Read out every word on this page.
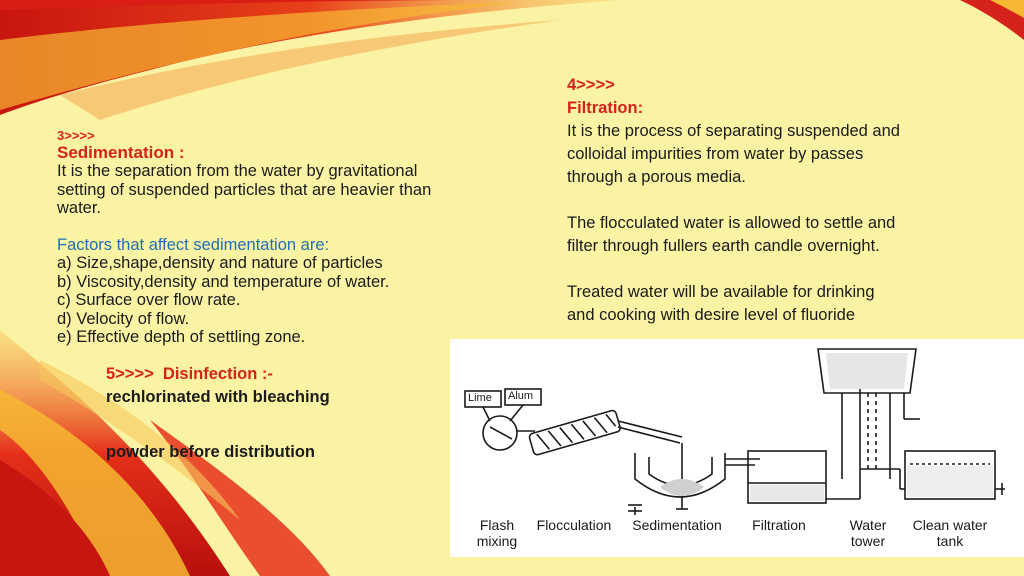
3>>>>
Sedimentation :
It is the separation from the water by gravitational
setting of suspended particles that are heavier than
water.
Factors that affect sedimentation are:
a) Size,shape,density and nature of particles
b) Viscosity,density and temperature of water.
c) Surface over flow rate.
d) Velocity of flow.
e) Effective depth of settling zone.
4>>>>
Filtration:
It is the process of separating suspended and
colloidal impurities from water by passes
through a porous media.
The flocculated water is allowed to settle and
filter through fullers earth candle overnight.
Treated water will be available for drinking
and cooking with desire level of fluoride
5>>>> Disinfection :-
rechlorinated with bleaching
powder before distribution
Lime Alum
Flash
mixing
Flocculation	Sedimentation	Filtration	Water
tower
Clean water
tank
